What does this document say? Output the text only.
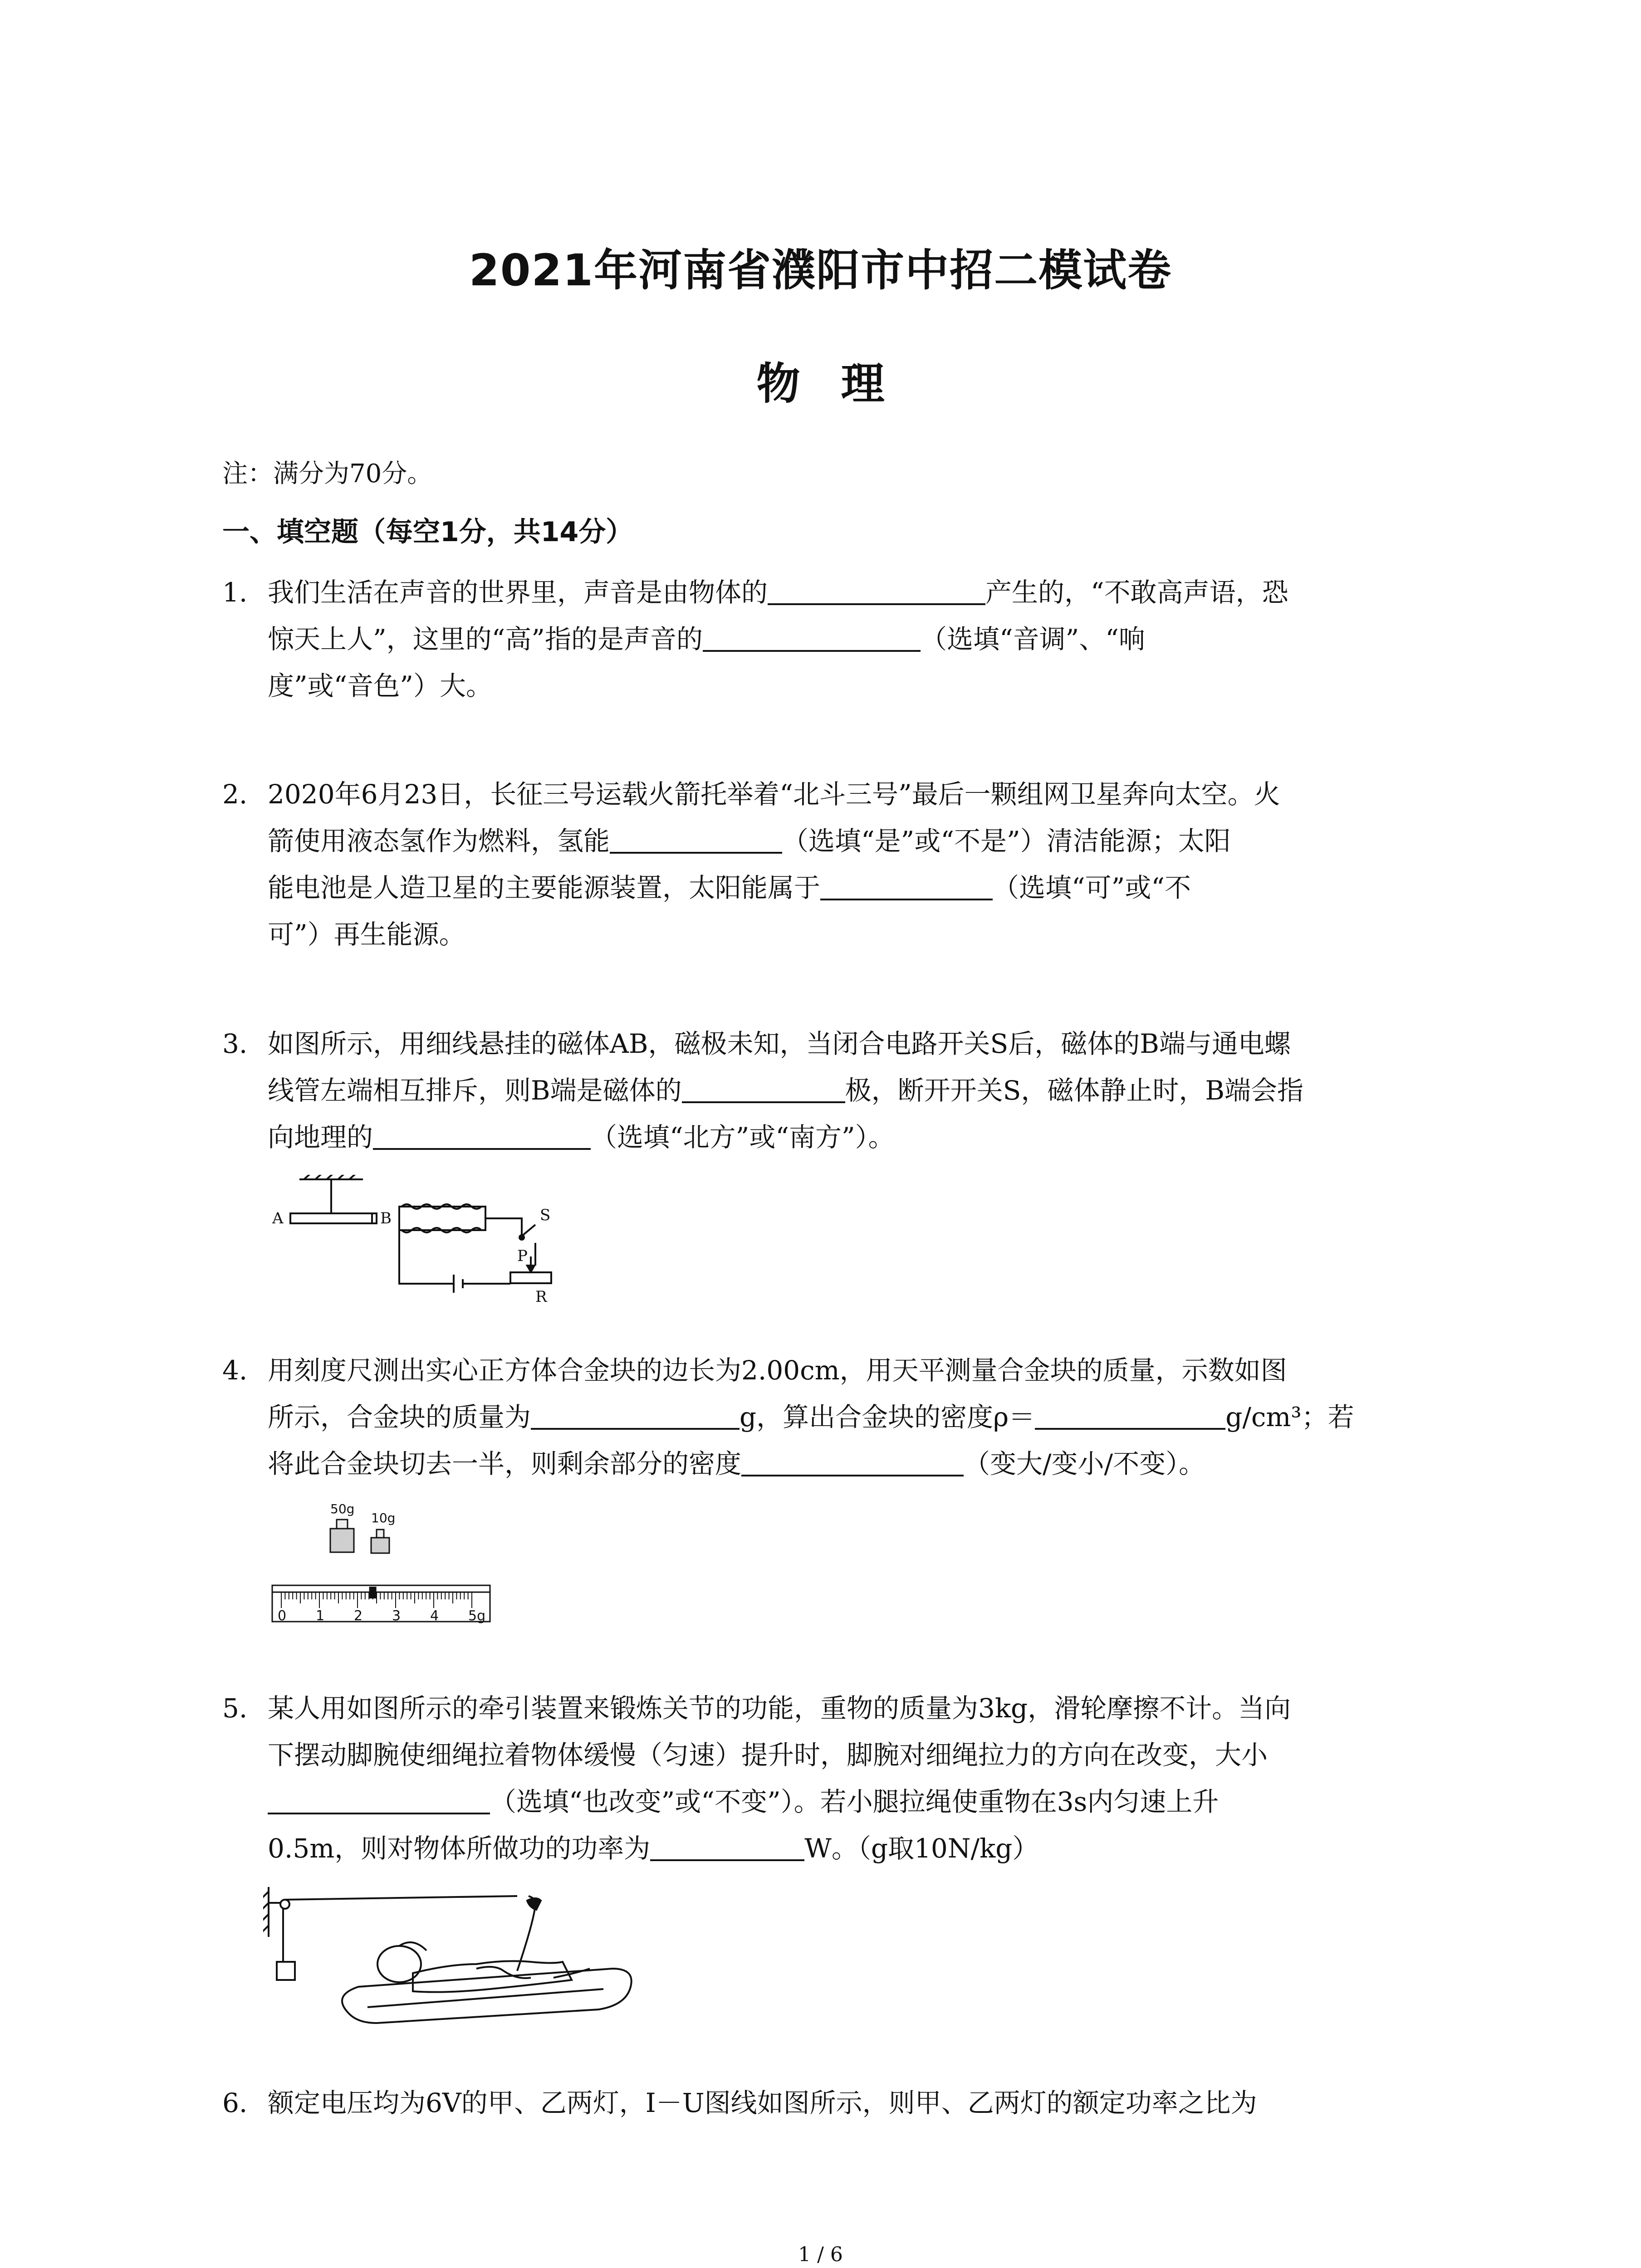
2021年河南省濮阳市中招二模试卷
物理
注：满分为70分。
一、填空题（每空1分，共14分）
1. 我们生活在声音的世界里，声音是由物体的	产生的，“不敢高声语，恐
惊天上人”，这里的“高”指的是声音的	（选填“音调”、“响
度”或“音色”）大。
2. 2020年6月23日，长征三号运载火箭托举着“北斗三号”最后一颗组网卫星奔向太空。火
箭使用液态氢作为燃料，氢能	（选填“是”或“不是”）清洁能源；太阳
能电池是人造卫星的主要能源装置，太阳能属于	（选填“可”或“不
可”）再生能源。
3. 如图所示，用细线悬挂的磁体AB，磁极未知，当闭合电路开关S后，磁体的B端与通电螺
线管左端相互排斥，则B端是磁体的	极，断开开关S，磁体静止时，B端会指
向地理的	（选填“北方”或“南方”）。
A	B	S
P
R
4. 用刻度尺测出实心正方体合金块的边长为2.00cm，用天平测量合金块的质量，示数如图
所示，合金块的质量为	g，算出合金块的密度ρ＝	g/cm³；若
将此合金块切去一半，则剩余部分的密度	（变大/变小/不变）。
50g
10g
0 1 2 3 4 5g
5. 某人用如图所示的牵引装置来锻炼关节的功能，重物的质量为3kg，滑轮摩擦不计。当向
下摆动脚腕使细绳拉着物体缓慢（匀速）提升时，脚腕对细绳拉力的方向在改变，大小
（选填“也改变”或“不变”）。若小腿拉绳使重物在3s内匀速上升
0.5m，则对物体所做功的功率为	W。（g取10N/kg）
6. 额定电压均为6V的甲、乙两灯，I－U图线如图所示，则甲、乙两灯的额定功率之比为
1 / 6
